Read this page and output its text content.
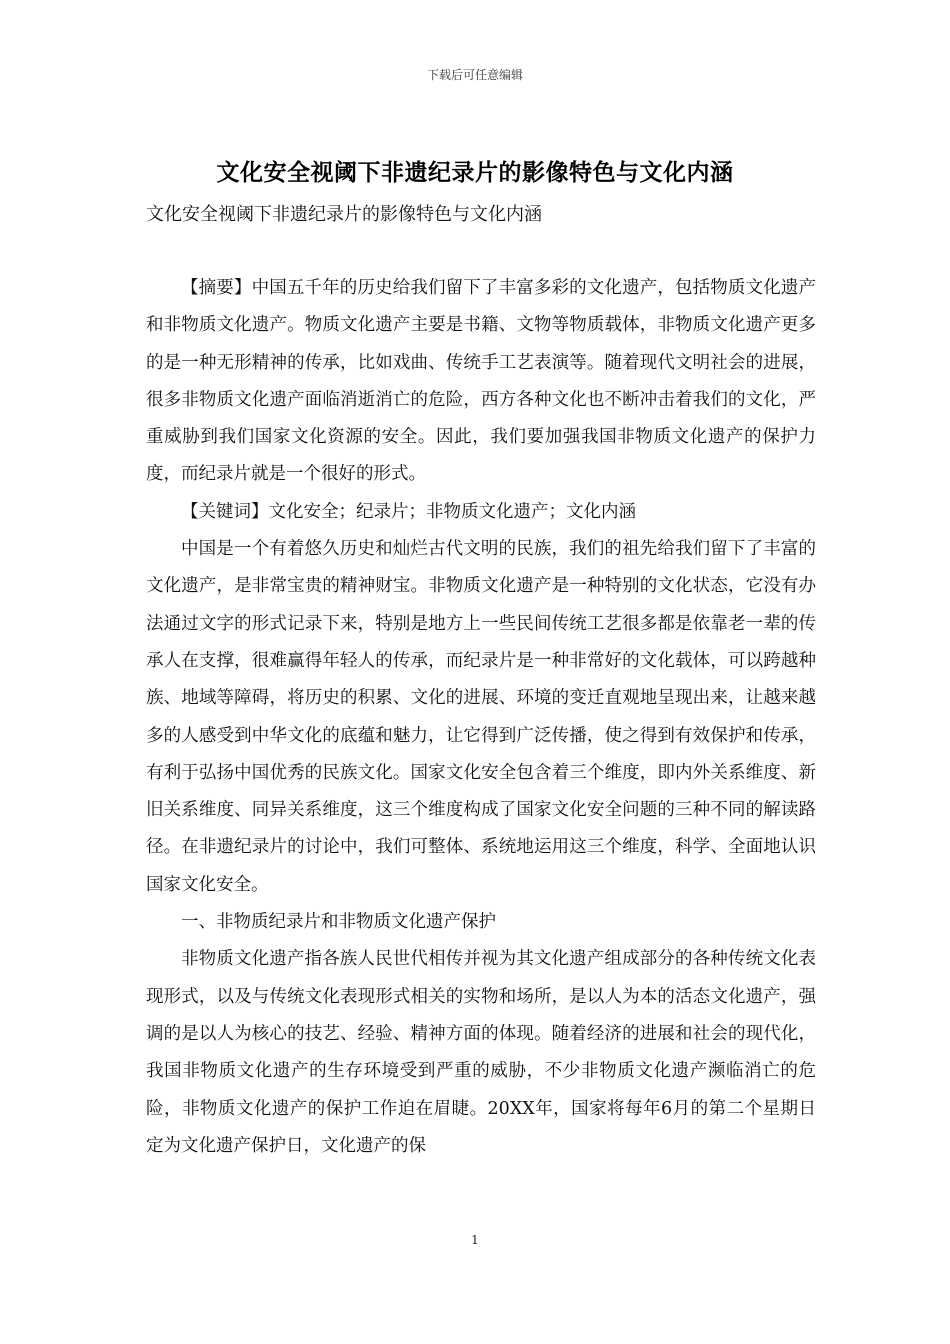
下载后可任意编辑
文化安全视阈下非遗纪录片的影像特色与文化内涵
文化安全视阈下非遗纪录片的影像特色与文化内涵

【摘要】中国五千年的历史给我们留下了丰富多彩的文化遗产，包括物质文化遗产和非物质文化遗产。物质文化遗产主要是书籍、文物等物质载体，非物质文化遗产更多的是一种无形精神的传承，比如戏曲、传统手工艺表演等。随着现代文明社会的进展，很多非物质文化遗产面临消逝消亡的危险，西方各种文化也不断冲击着我们的文化，严重威胁到我们国家文化资源的安全。因此，我们要加强我国非物质文化遗产的保护力度，而纪录片就是一个很好的形式。

【关键词】文化安全；纪录片；非物质文化遗产；文化内涵

中国是一个有着悠久历史和灿烂古代文明的民族，我们的祖先给我们留下了丰富的文化遗产，是非常宝贵的精神财宝。非物质文化遗产是一种特别的文化状态，它没有办法通过文字的形式记录下来，特别是地方上一些民间传统工艺很多都是依靠老一辈的传承人在支撑，很难赢得年轻人的传承，而纪录片是一种非常好的文化载体，可以跨越种族、地域等障碍，将历史的积累、文化的进展、环境的变迁直观地呈现出来，让越来越多的人感受到中华文化的底蕴和魅力，让它得到广泛传播，使之得到有效保护和传承，有利于弘扬中国优秀的民族文化。国家文化安全包含着三个维度，即内外关系维度、新旧关系维度、同异关系维度，这三个维度构成了国家文化安全问题的三种不同的解读路径。在非遗纪录片的讨论中，我们可整体、系统地运用这三个维度，科学、全面地认识国家文化安全。

一、非物质纪录片和非物质文化遗产保护

非物质文化遗产指各族人民世代相传并视为其文化遗产组成部分的各种传统文化表现形式，以及与传统文化表现形式相关的实物和场所，是以人为本的活态文化遗产，强调的是以人为核心的技艺、经验、精神方面的体现。随着经济的进展和社会的现代化，我国非物质文化遗产的生存环境受到严重的威胁，不少非物质文化遗产濒临消亡的危险，非物质文化遗产的保护工作迫在眉睫。20XX年，国家将每年6月的第二个星期日定为文化遗产保护日，文化遗产的保

1
